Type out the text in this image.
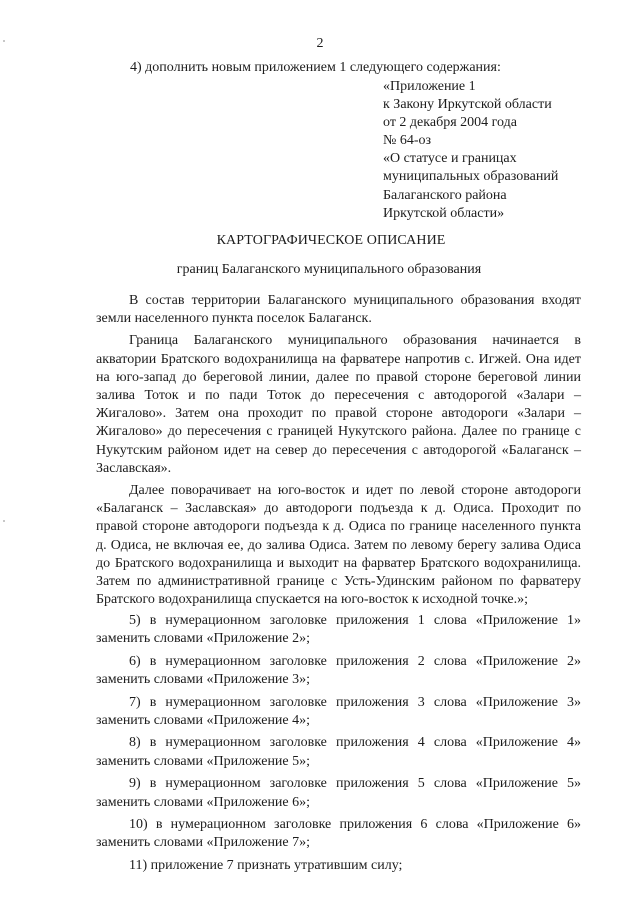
2
4) дополнить новым приложением 1 следующего содержания:
«Приложение 1
к Закону Иркутской области
от 2 декабря 2004 года
№ 64-оз
«О статусе и границах
муниципальных образований
Балаганского района
Иркутской области»
КАРТОГРАФИЧЕСКОЕ ОПИСАНИЕ
границ Балаганского муниципального образования

В состав территории Балаганского муниципального образования входят земли населенного пункта поселок Балаганск.

Граница Балаганского муниципального образования начинается в акватории Братского водохранилища на фарватере напротив с. Игжей. Она идет на юго-запад до береговой линии, далее по правой стороне береговой линии залива Тоток и по пади Тоток до пересечения с автодорогой «Залари – Жигалово». Затем она проходит по правой стороне автодороги «Залари – Жигалово» до пересечения с границей Нукутского района. Далее по границе с Нукутским районом идет на север до пересечения с автодорогой «Балаганск – Заславская».

Далее поворачивает на юго-восток и идет по левой стороне автодороги «Балаганск – Заславская» до автодороги подъезда к д. Одиса. Проходит по правой стороне автодороги подъезда к д. Одиса по границе населенного пункта д. Одиса, не включая ее, до залива Одиса. Затем по левому берегу залива Одиса до Братского водохранилища и выходит на фарватер Братского водохранилища. Затем по административной границе с Усть-Удинским районом по фарватеру Братского водохранилища спускается на юго-восток к исходной точке.»;

5) в нумерационном заголовке приложения 1 слова «Приложение 1» заменить словами «Приложение 2»;

6) в нумерационном заголовке приложения 2 слова «Приложение 2» заменить словами «Приложение 3»;

7) в нумерационном заголовке приложения 3 слова «Приложение 3» заменить словами «Приложение 4»;

8) в нумерационном заголовке приложения 4 слова «Приложение 4» заменить словами «Приложение 5»;

9) в нумерационном заголовке приложения 5 слова «Приложение 5» заменить словами «Приложение 6»;

10) в нумерационном заголовке приложения 6 слова «Приложение 6» заменить словами «Приложение 7»;

11) приложение 7 признать утратившим силу;
